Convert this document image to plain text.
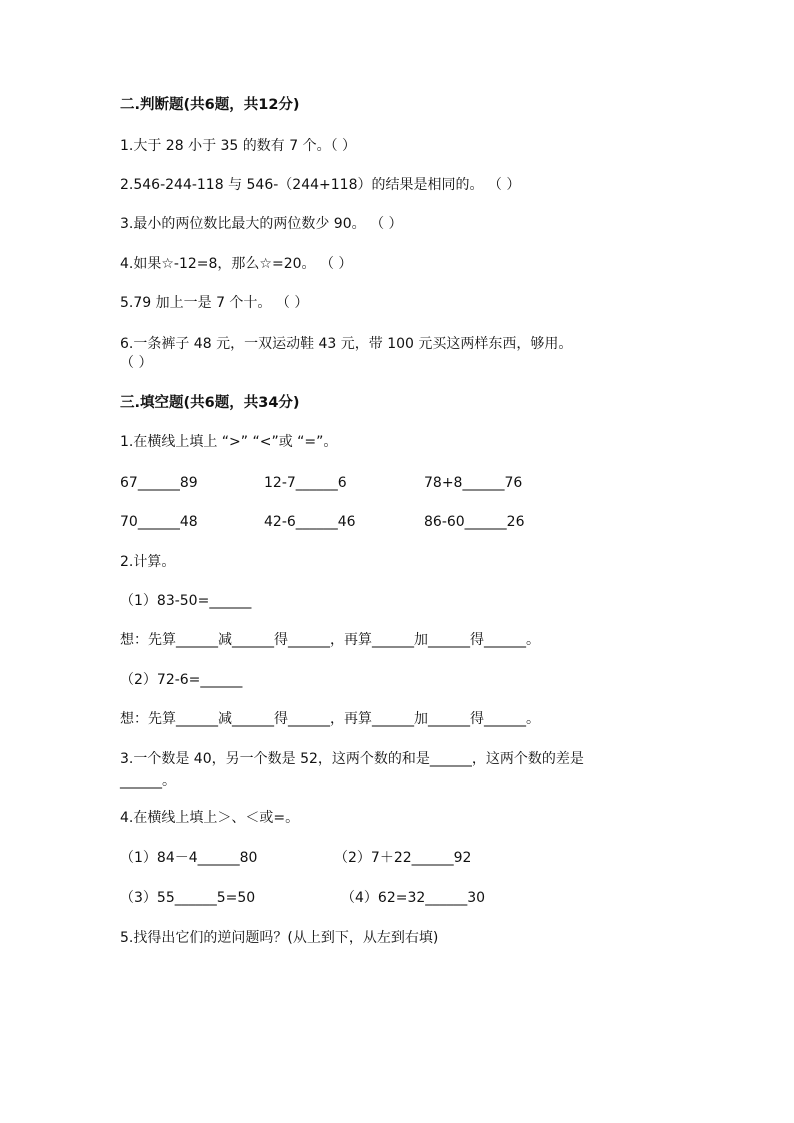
二.判断题(共6题，共12分)
1.大于 28 小于 35 的数有 7 个。（ ）
2.546-244-118 与 546-（244+118）的结果是相同的。 （ ）
3.最小的两位数比最大的两位数少 90。 （ ）
4.如果☆-12=8，那么☆=20。 （ ）
5.79 加上一是 7 个十。 （ ）
6.一条裤子 48 元，一双运动鞋 43 元，带 100 元买这两样东西，够用。
（ ）
三.填空题(共6题，共34分)
1.在横线上填上 “>” “<”或 “=”。
67______89	12-7______6	78+8______76
70______48	42-6______46	86-60______26
2.计算。
（1）83-50=______
想：先算______减______得______，再算______加______得______。
（2）72-6=______
想：先算______减______得______，再算______加______得______。
3.一个数是 40，另一个数是 52，这两个数的和是______，这两个数的差是
______。
4.在横线上填上＞、＜或=。
（1）84－4______80	（2）7＋22______92
（3）55______5=50	（4）62=32______30
5.找得出它们的逆问题吗？(从上到下，从左到右填)
